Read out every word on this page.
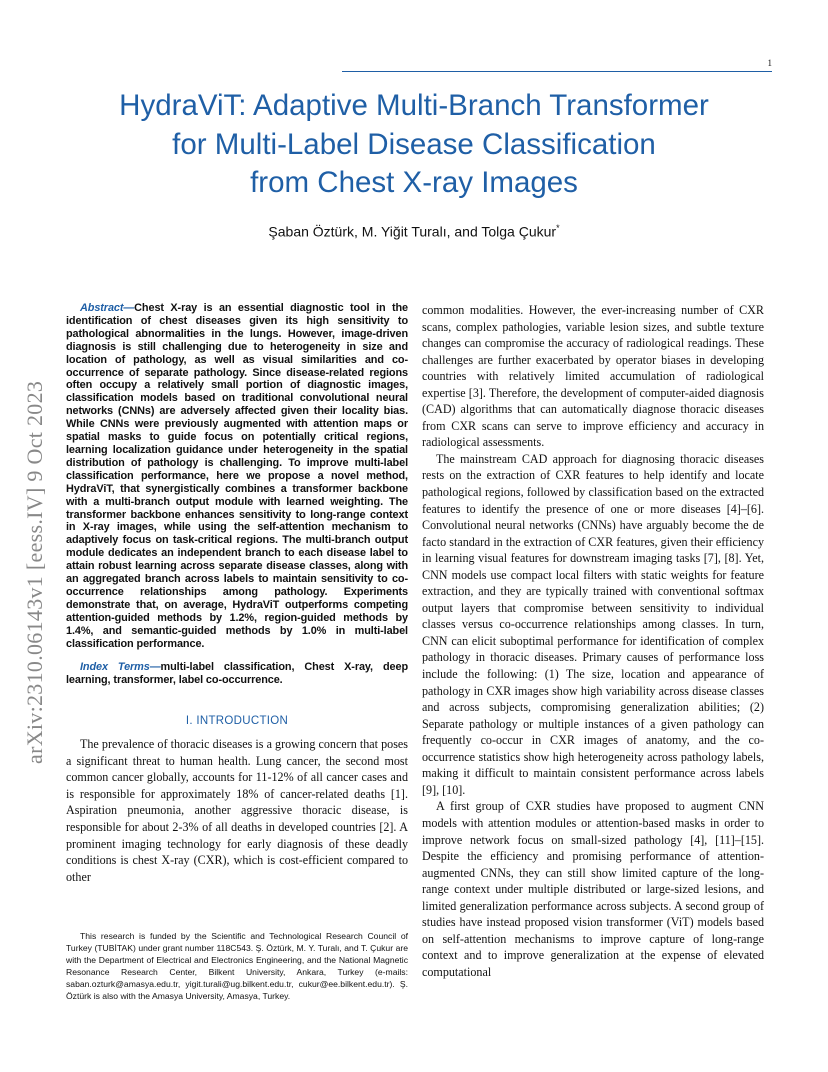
1
HydraViT: Adaptive Multi-Branch Transformer
for Multi-Label Disease Classification
from Chest X-ray Images
Şaban Öztürk, M. Yiğit Turalı, and Tolga Çukur*
arXiv:2310.06143v1 [eess.IV] 9 Oct 2023

Abstract—Chest X-ray is an essential diagnostic tool in the identification of chest diseases given its high sensitivity to pathological abnormalities in the lungs. However, image-driven diagnosis is still challenging due to heterogeneity in size and location of pathology, as well as visual similarities and co-occurrence of separate pathology. Since disease-related regions often occupy a relatively small portion of diagnostic images, classification models based on traditional convolutional neural networks (CNNs) are adversely affected given their locality bias. While CNNs were previously augmented with attention maps or spatial masks to guide focus on potentially critical regions, learning localization guidance under heterogeneity in the spatial distribution of pathology is challenging. To improve multi-label classification performance, here we propose a novel method, HydraViT, that synergistically combines a transformer backbone with a multi-branch output module with learned weighting. The transformer backbone enhances sensitivity to long-range context in X-ray images, while using the self-attention mechanism to adaptively focus on task-critical regions. The multi-branch output module dedicates an independent branch to each disease label to attain robust learning across separate disease classes, along with an aggregated branch across labels to maintain sensitivity to co-occurrence relationships among pathology. Experiments demonstrate that, on average, HydraViT outperforms competing attention-guided methods by 1.2%, region-guided methods by 1.4%, and semantic-guided methods by 1.0% in multi-label classification performance.

Index Terms—multi-label classification, Chest X-ray, deep learning, transformer, label co-occurrence.

I. INTRODUCTION

The prevalence of thoracic diseases is a growing concern that poses a significant threat to human health. Lung cancer, the second most common cancer globally, accounts for 11-12% of all cancer cases and is responsible for approximately 18% of cancer-related deaths [1]. Aspiration pneumonia, another aggressive thoracic disease, is responsible for about 2-3% of all deaths in developed countries [2]. A prominent imaging technology for early diagnosis of these deadly conditions is chest X-ray (CXR), which is cost-efficient compared to other

This research is funded by the Scientific and Technological Research Council of Turkey (TUBİTAK) under grant number 118C543. Ş. Öztürk, M. Y. Turalı, and T. Çukur are with the Department of Electrical and Electronics Engineering, and the National Magnetic Resonance Research Center, Bilkent University, Ankara, Turkey (e-mails: saban.ozturk@amasya.edu.tr, yigit.turali@ug.bilkent.edu.tr, cukur@ee.bilkent.edu.tr). Ş. Öztürk is also with the Amasya University, Amasya, Turkey.

common modalities. However, the ever-increasing number of CXR scans, complex pathologies, variable lesion sizes, and subtle texture changes can compromise the accuracy of radiological readings. These challenges are further exacerbated by operator biases in developing countries with relatively limited accumulation of radiological expertise [3]. Therefore, the development of computer-aided diagnosis (CAD) algorithms that can automatically diagnose thoracic diseases from CXR scans can serve to improve efficiency and accuracy in radiological assessments.

The mainstream CAD approach for diagnosing thoracic diseases rests on the extraction of CXR features to help identify and locate pathological regions, followed by classification based on the extracted features to identify the presence of one or more diseases [4]–[6]. Convolutional neural networks (CNNs) have arguably become the de facto standard in the extraction of CXR features, given their efficiency in learning visual features for downstream imaging tasks [7], [8]. Yet, CNN models use compact local filters with static weights for feature extraction, and they are typically trained with conventional softmax output layers that compromise between sensitivity to individual classes versus co-occurrence relationships among classes. In turn, CNN can elicit suboptimal performance for identification of complex pathology in thoracic diseases. Primary causes of performance loss include the following: (1) The size, location and appearance of pathology in CXR images show high variability across disease classes and across subjects, compromising generalization abilities; (2) Separate pathology or multiple instances of a given pathology can frequently co-occur in CXR images of anatomy, and the co-occurrence statistics show high heterogeneity across pathology labels, making it difficult to maintain consistent performance across labels [9], [10].

A first group of CXR studies have proposed to augment CNN models with attention modules or attention-based masks in order to improve network focus on small-sized pathology [4], [11]–[15]. Despite the efficiency and promising performance of attention-augmented CNNs, they can still show limited capture of the long-range context under multiple distributed or large-sized lesions, and limited generalization performance across subjects. A second group of studies have instead proposed vision transformer (ViT) models based on self-attention mechanisms to improve capture of long-range context and to improve generalization at the expense of elevated computational
